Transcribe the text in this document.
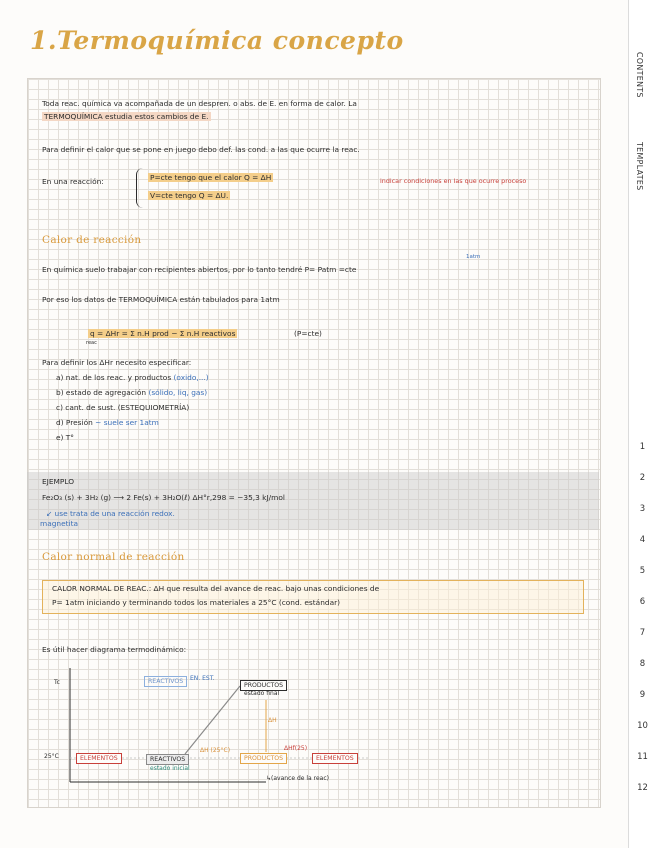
1.Termoquímica concepto
Toda reac. química va acompañada de un despren. o abs. de E. en forma de calor. La
TERMOQUÍMICA estudia estos cambios de E.
Para definir el calor que se pone en juego debo def. las cond. a las que ocurre la reac.
En una reacción:	P=cte tengo que el calor Q = ΔH
V=cte tengo Q = ΔU.
indicar condiciones en las que ocurre proceso
Calor de reacción
1atm
En química suelo trabajar con recipientes abiertos, por lo tanto tendré P= Patm =cte
Por eso los datos de TERMOQUÍMICA están tabulados para 1atm
q = ΔHr = Σ n.H prod − Σ n.H reactivos
reac
(P=cte)
Para definir los ΔHr necesito especificar:
a) nat. de los reac. y productos (oxido,...)
b) estado de agregación (sólido, liq, gas)
c) cant. de sust. (ESTEQUIOMETRÍA)
d) Presión ~ suele ser 1atm
e) T°
EJEMPLO
Fe₂O₃ (s) + 3H₂ (g) ⟶ 2 Fe(s) + 3H₂O(ℓ) ΔH°r,298 = −35,3 kJ/mol
↙ use trata de una reacción redox.
magnetita
Calor normal de reacción
CALOR NORMAL DE REAC.: ΔH que resulta del avance de reac. bajo unas condiciones de
P= 1atm iniciando y terminando todos los materiales a 25°C (cond. estándar)
Es útil hacer diagrama termodinámico:
Tc
25°C
REACTIVOS	EN. EST.
PRODUCTOS
estado final
ΔH
ELEMENTOS	REACTIVOS
estado inicial
ΔH (25°C)
PRODUCTOS
ΔHf(25)
ELEMENTOS
↳(avance de la reac)
CONTENTS
TEMPLATES
1
2
3
4
5
6
7
8
9
10
11
12
